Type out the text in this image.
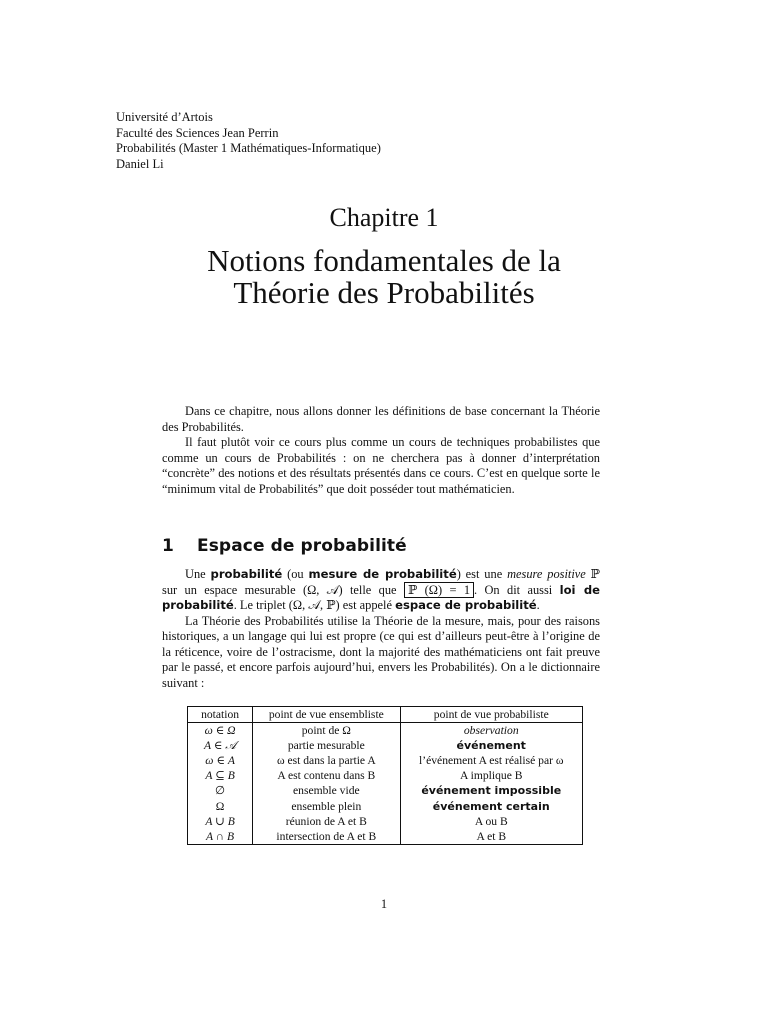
Université d’Artois
Faculté des Sciences Jean Perrin
Probabilités (Master 1 Mathématiques-Informatique)
Daniel Li
Chapitre 1
Notions fondamentales de la
Théorie des Probabilités

Dans ce chapitre, nous allons donner les définitions de base concernant la Théorie des Probabilités.

Il faut plutôt voir ce cours plus comme un cours de techniques probabilistes que comme un cours de Probabilités : on ne cherchera pas à donner d’interprétation “concrète” des notions et des résultats présentés dans ce cours. C’est en quelque sorte le “minimum vital de Probabilités” que doit posséder tout mathématicien.

1 Espace de probabilité

Une probabilité (ou mesure de probabilité) est une mesure positive ℙ sur un espace mesurable (Ω, 𝒜) telle que ℙ (Ω) = 1 . On dit aussi loi de probabilité. Le triplet (Ω, 𝒜, ℙ) est appelé espace de probabilité.

La Théorie des Probabilités utilise la Théorie de la mesure, mais, pour des raisons historiques, a un langage qui lui est propre (ce qui est d’ailleurs peut-être à l’origine de la réticence, voire de l’ostracisme, dont la majorité des mathématiciens ont fait preuve par le passé, et encore parfois aujourd’hui, envers les Probabilités). On a le dictionnaire suivant :

notation	point de vue ensembliste	point de vue probabiliste
ω ∈ Ω	point de Ω	observation
A ∈ 𝒜	partie mesurable	événement
ω ∈ A	ω est dans la partie A	l’événement A est réalisé par ω
A ⊆ B	A est contenu dans B	A implique B
∅	ensemble vide	événement impossible
Ω	ensemble plein	événement certain
A ∪ B	réunion de A et B	A ou B
A ∩ B	intersection de A et B	A et B
1
